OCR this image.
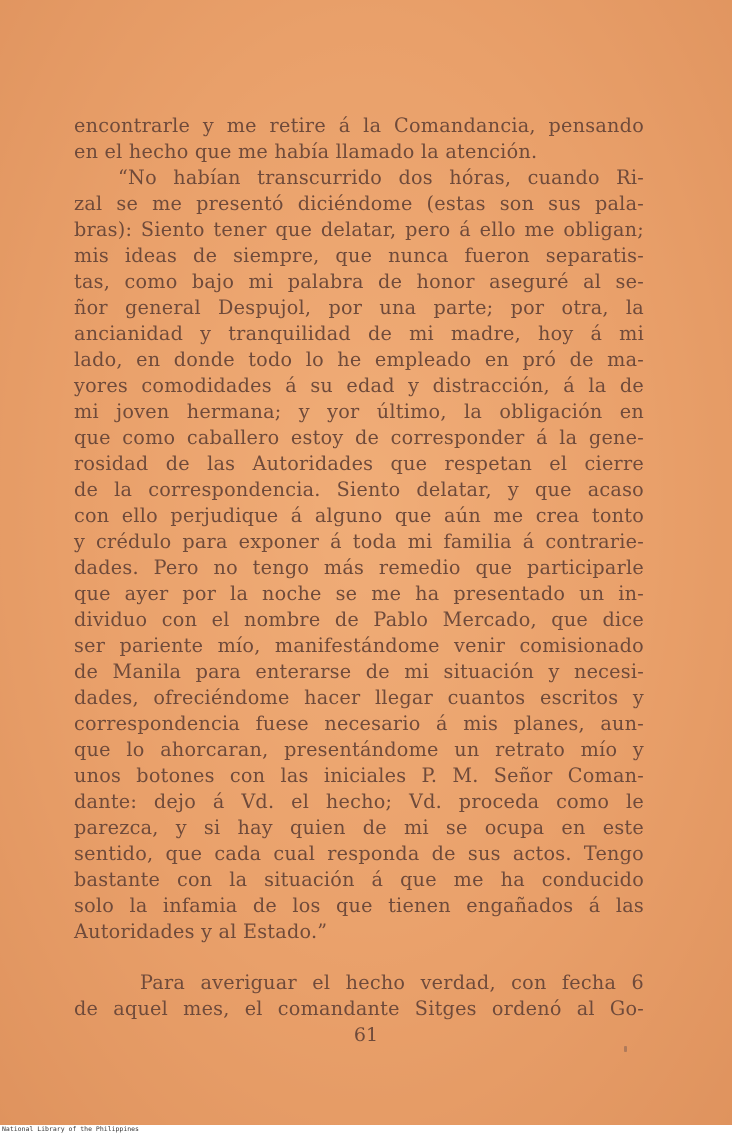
encontrarle y me retire á la Comandancia, pensando
en el hecho que me había llamado la atención.
“No habían transcurrido dos hóras, cuando Ri-
zal se me presentó diciéndome (estas son sus pala-
bras): Siento tener que delatar, pero á ello me obligan;
mis ideas de siempre, que nunca fueron separatis-
tas, como bajo mi palabra de honor aseguré al se-
ñor general Despujol, por una parte; por otra, la
ancianidad y tranquilidad de mi madre, hoy á mi
lado, en donde todo lo he empleado en pró de ma-
yores comodidades á su edad y distracción, á la de
mi joven hermana; y yor último, la obligación en
que como caballero estoy de corresponder á la gene-
rosidad de las Autoridades que respetan el cierre
de la correspondencia. Siento delatar, y que acaso
con ello perjudique á alguno que aún me crea tonto
y crédulo para exponer á toda mi familia á contrarie-
dades. Pero no tengo más remedio que participarle
que ayer por la noche se me ha presentado un in-
dividuo con el nombre de Pablo Mercado, que dice
ser pariente mío, manifestándome venir comisionado
de Manila para enterarse de mi situación y necesi-
dades, ofreciéndome hacer llegar cuantos escritos y
correspondencia fuese necesario á mis planes, aun-
que lo ahorcaran, presentándome un retrato mío y
unos botones con las iniciales P. M. Señor Coman-
dante: dejo á Vd. el hecho; Vd. proceda como le
parezca, y si hay quien de mi se ocupa en este
sentido, que cada cual responda de sus actos. Tengo
bastante con la situación á que me ha conducido
solo la infamia de los que tienen engañados á las
Autoridades y al Estado.”
Para averiguar el hecho verdad, con fecha 6
de aquel mes, el comandante Sitges ordenó al Go-
61
National Library of the Philippines
